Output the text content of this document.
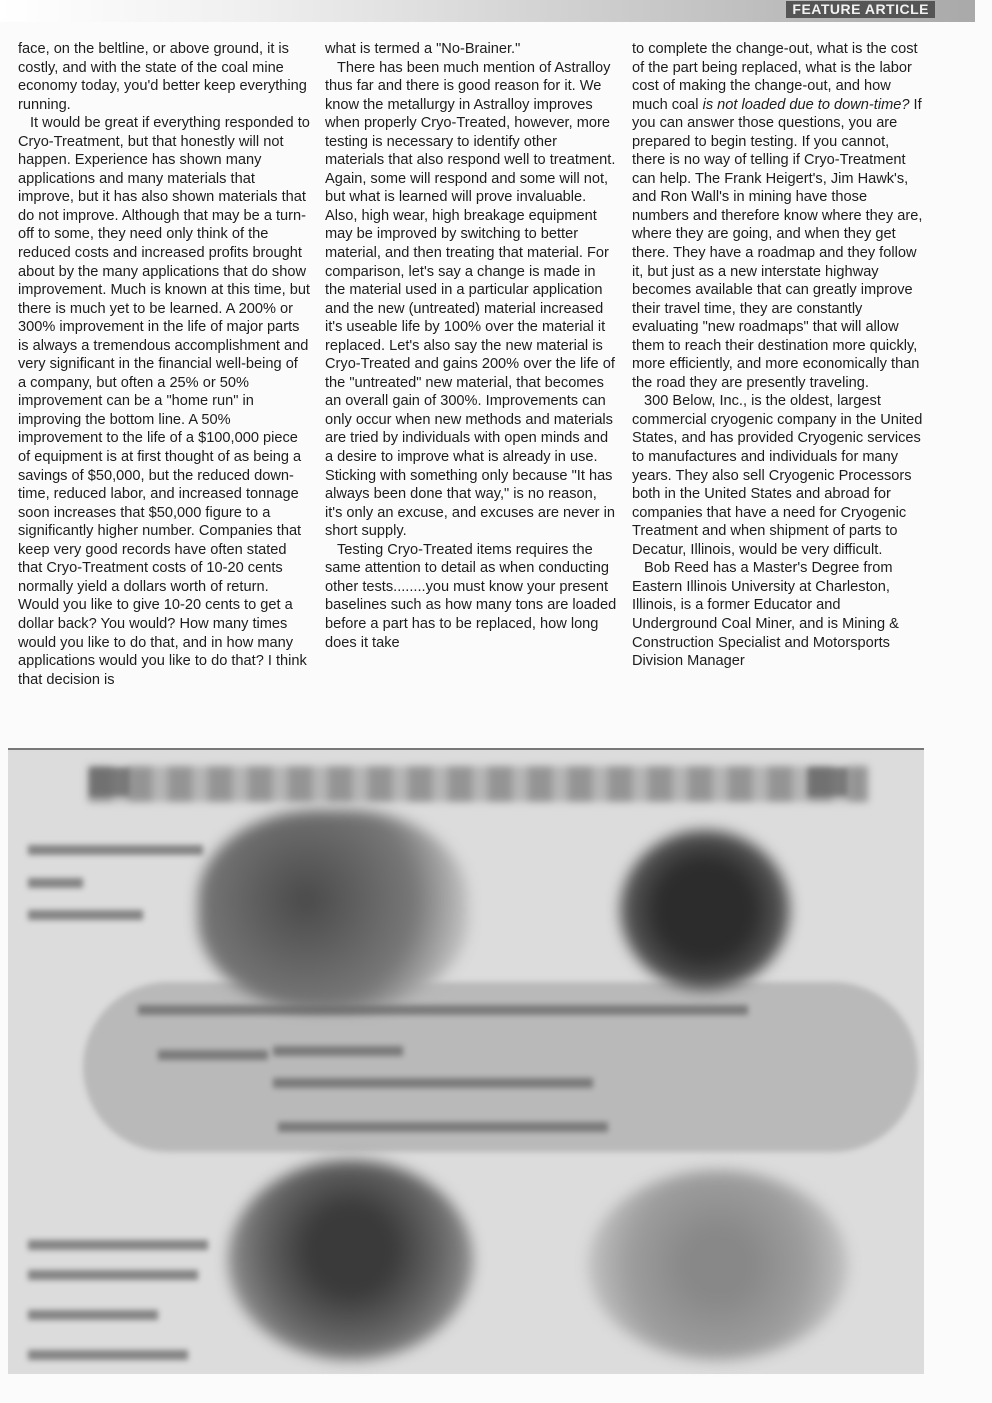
FEATURE ARTICLE

face, on the beltline, or above ground, it is costly, and with the state of the coal mine economy today, you'd better keep everything running.

It would be great if everything responded to Cryo-Treatment, but that honestly will not happen. Experience has shown many applications and many materials that improve, but it has also shown materials that do not improve. Although that may be a turn-off to some, they need only think of the reduced costs and increased profits brought about by the many applications that do show improvement. Much is known at this time, but there is much yet to be learned. A 200% or 300% improvement in the life of major parts is always a tremendous accomplishment and very significant in the financial well-being of a company, but often a 25% or 50% improvement can be a "home run" in improving the bottom line. A 50% improvement to the life of a $100,000 piece of equipment is at first thought of as being a savings of $50,000, but the reduced down-time, reduced labor, and increased tonnage soon increases that $50,000 figure to a significantly higher number. Companies that keep very good records have often stated that Cryo-Treatment costs of 10-20 cents normally yield a dollars worth of return. Would you like to give 10-20 cents to get a dollar back? You would? How many times would you like to do that, and in how many applications would you like to do that? I think that decision is

what is termed a "No-Brainer."

There has been much mention of Astralloy thus far and there is good reason for it. We know the metallurgy in Astralloy improves when properly Cryo-Treated, however, more testing is necessary to identify other materials that also respond well to treatment. Again, some will respond and some will not, but what is learned will prove invaluable. Also, high wear, high breakage equipment may be improved by switching to better material, and then treating that material. For comparison, let's say a change is made in the material used in a particular application and the new (untreated) material increased it's useable life by 100% over the material it replaced. Let's also say the new material is Cryo-Treated and gains 200% over the life of the "untreated" new material, that becomes an overall gain of 300%. Improvements can only occur when new methods and materials are tried by individuals with open minds and a desire to improve what is already in use. Sticking with something only because "It has always been done that way," is no reason, it's only an excuse, and excuses are never in short supply.

Testing Cryo-Treated items requires the same attention to detail as when conducting other tests........you must know your present baselines such as how many tons are loaded before a part has to be replaced, how long does it take

to complete the change-out, what is the cost of the part being replaced, what is the labor cost of making the change-out, and how much coal is not loaded due to down-time? If you can answer those questions, you are prepared to begin testing. If you cannot, there is no way of telling if Cryo-Treatment can help. The Frank Heigert's, Jim Hawk's, and Ron Wall's in mining have those numbers and therefore know where they are, where they are going, and when they get there. They have a roadmap and they follow it, but just as a new interstate highway becomes available that can greatly improve their travel time, they are constantly evaluating "new roadmaps" that will allow them to reach their destination more quickly, more efficiently, and more economically than the road they are presently traveling.

300 Below, Inc., is the oldest, largest commercial cryogenic company in the United States, and has provided Cryogenic services to manufactures and individuals for many years. They also sell Cryogenic Processors both in the United States and abroad for companies that have a need for Cryogenic Treatment and when shipment of parts to Decatur, Illinois, would be very difficult.

Bob Reed has a Master's Degree from Eastern Illinois University at Charleston, Illinois, is a former Educator and Underground Coal Miner, and is Mining & Construction Specialist and Motorsports Division Manager
